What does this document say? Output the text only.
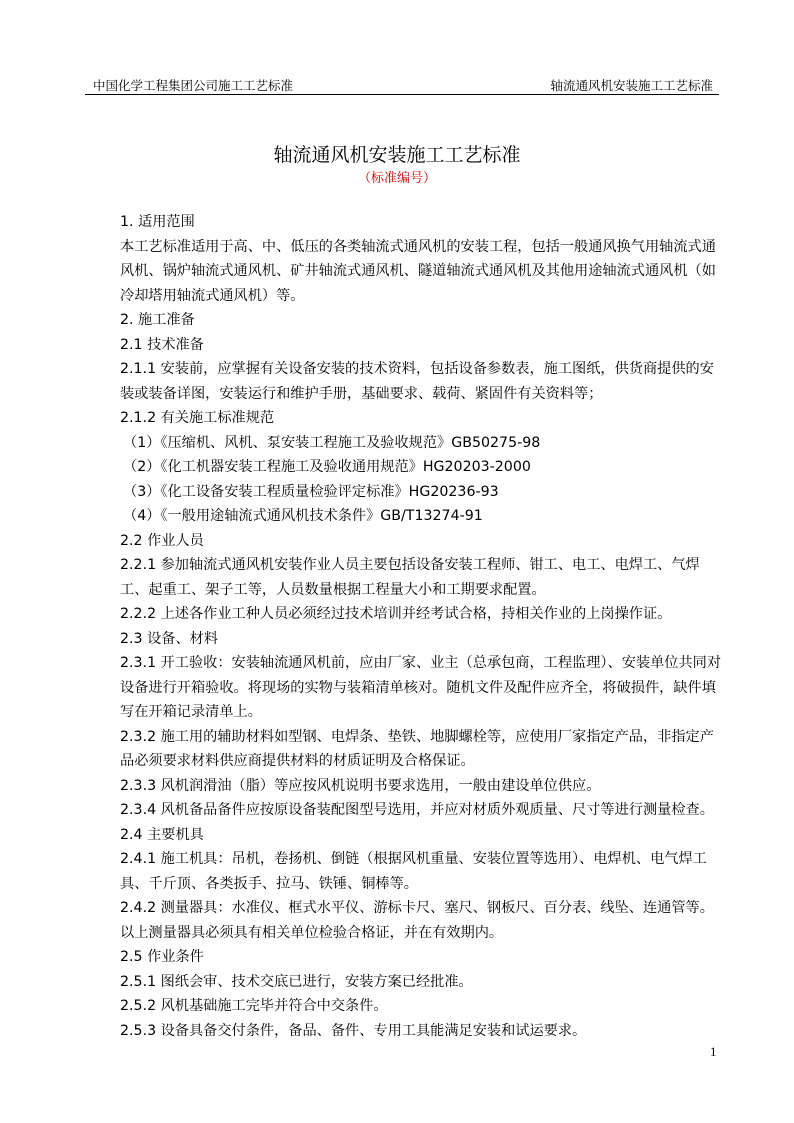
中国化学工程集团公司施工工艺标准	轴流通风机安装施工工艺标准
轴流通风机安装施工工艺标准
（标准编号）

1. 适用范围

本工艺标准适用于高、中、低压的各类轴流式通风机的安装工程，包括一般通风换气用轴流式通风机、锅炉轴流式通风机、矿井轴流式通风机、隧道轴流式通风机及其他用途轴流式通风机（如冷却塔用轴流式通风机）等。

2. 施工准备

2.1 技术准备

2.1.1 安装前，应掌握有关设备安装的技术资料，包括设备参数表，施工图纸，供货商提供的安装或装备详图，安装运行和维护手册，基础要求、载荷、紧固件有关资料等；

2.1.2 有关施工标准规范

（1）《压缩机、风机、泵安装工程施工及验收规范》GB50275-98

（2）《化工机器安装工程施工及验收通用规范》HG20203-2000

（3）《化工设备安装工程质量检验评定标准》HG20236-93

（4）《一般用途轴流式通风机技术条件》GB/T13274-91

2.2 作业人员

2.2.1 参加轴流式通风机安装作业人员主要包括设备安装工程师、钳工、电工、电焊工、气焊工、起重工、架子工等，人员数量根据工程量大小和工期要求配置。

2.2.2 上述各作业工种人员必须经过技术培训并经考试合格，持相关作业的上岗操作证。

2.3 设备、材料

2.3.1 开工验收：安装轴流通风机前，应由厂家、业主（总承包商，工程监理）、安装单位共同对设备进行开箱验收。将现场的实物与装箱清单核对。随机文件及配件应齐全，将破损件，缺件填写在开箱记录清单上。

2.3.2 施工用的辅助材料如型钢、电焊条、垫铁、地脚螺栓等，应使用厂家指定产品，非指定产品必须要求材料供应商提供材料的材质证明及合格保证。

2.3.3 风机润滑油（脂）等应按风机说明书要求选用，一般由建设单位供应。

2.3.4 风机备品备件应按原设备装配图型号选用，并应对材质外观质量、尺寸等进行测量检查。

2.4 主要机具

2.4.1 施工机具：吊机，卷扬机、倒链（根据风机重量、安装位置等选用）、电焊机、电气焊工具、千斤顶、各类扳手、拉马、铁锤、铜棒等。

2.4.2 测量器具：水准仪、框式水平仪、游标卡尺、塞尺、钢板尺、百分表、线坠、连通管等。以上测量器具必须具有相关单位检验合格证，并在有效期内。

2.5 作业条件

2.5.1 图纸会审、技术交底已进行，安装方案已经批准。

2.5.2 风机基础施工完毕并符合中交条件。

2.5.3 设备具备交付条件，备品、备件、专用工具能满足安装和试运要求。

1
